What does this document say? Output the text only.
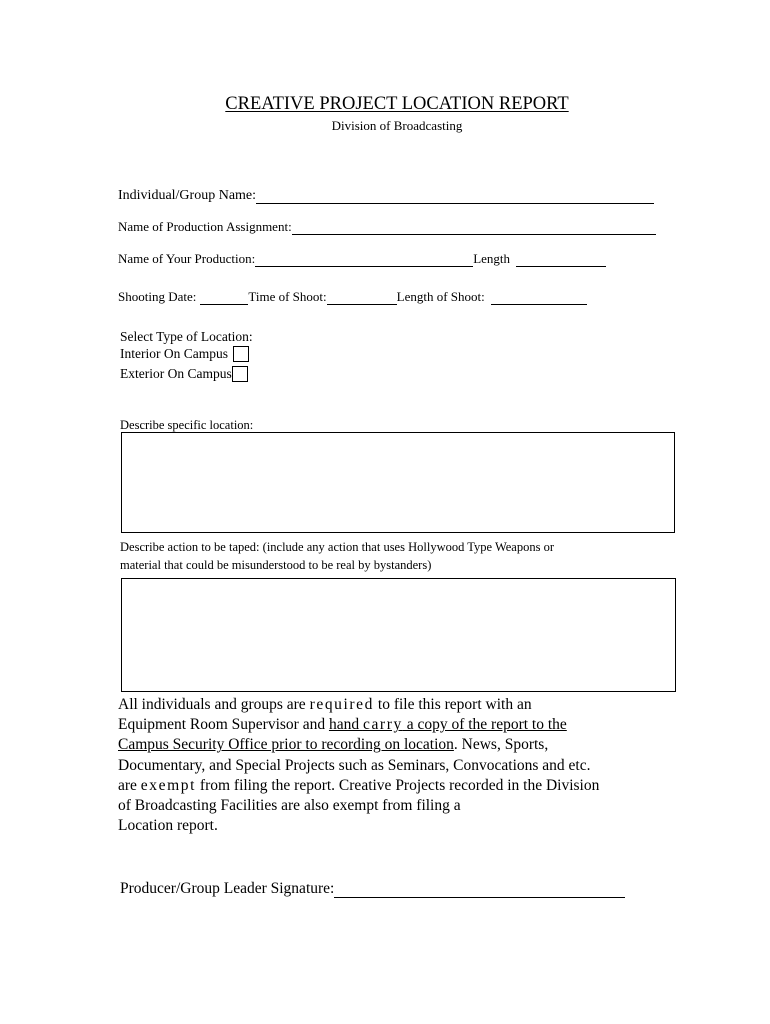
CREATIVE PROJECT LOCATION REPORT
Division of Broadcasting
Individual/Group Name:
Name of Production Assignment:
Name of Your Production:	Length
Shooting Date:	Time of Shoot:	Length of Shoot:
Select Type of Location:
Interior On Campus
Exterior On Campus
Describe specific location:
Describe action to be taped: (include any action that uses Hollywood Type Weapons or
material that could be misunderstood to be real by bystanders)
All individuals and groups are required to file this report with an
Equipment Room Supervisor and hand carry a copy of the report to the
Campus Security Office prior to recording on location. News, Sports,
Documentary, and Special Projects such as Seminars, Convocations and etc.
are exempt from filing the report. Creative Projects recorded in the Division
of Broadcasting Facilities are also exempt from filing a
Location report.
Producer/Group Leader Signature:
